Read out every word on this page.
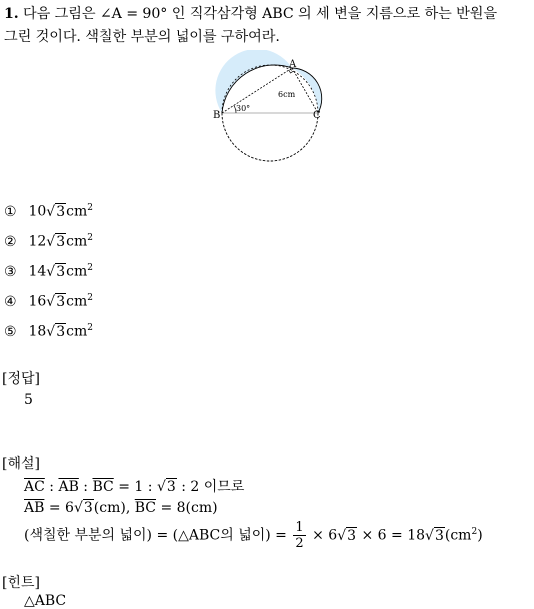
1. 다음 그림은 ∠A = 90° 인 직각삼각형 ABC 의 세 변을 지름으로 하는 반원을
그린 것이다. 색칠한 부분의 넓이를 구하여라.
A
B	C
6cm
30°
① $10√3cm^2$
② $12√3cm^2$
③ $14√3cm^2$
④ $16√3cm^2$
⑤ $18√3cm^2$
[정답]
5
[해설]
$\overline{AC}$ : $\overline{AB}$ : $\overline{BC} = 1$ : √3 : 2 이므로
$\overline{AB} = 6√3(cm)$, $\overline{BC} = 8(cm)$
(색칠한 부분의 넓이) = (△ABC의 넓이) = $\frac{1}{2} \times 6√3 \times 6 = 18√3(cm^2)$
[힌트]
△ABC
